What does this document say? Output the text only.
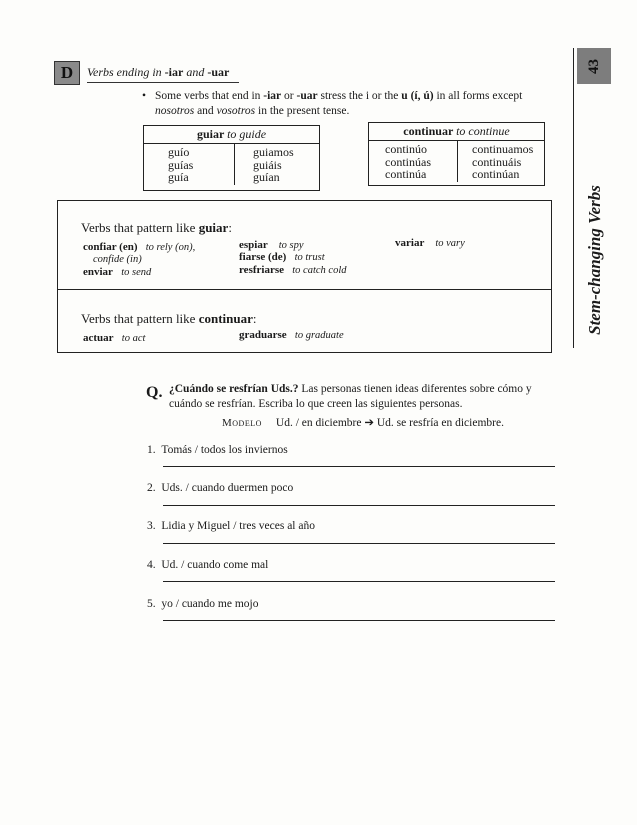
D	Verbs ending in -iar and -uar
• Some verbs that end in -iar or -uar stress the i or the u (í, ú) in all forms except nosotros and vosotros in the present tense.
guiar to guide
guío
guías
guía
guiamos
guiáis
guían
continuar to continue
continúo
continúas
continúa
continuamos
continuáis
continúan
Verbs that pattern like guiar:
confiar (en) to rely (on),
confide (in)
enviar to send
espiar to spy
fiarse (de) to trust
resfriarse to catch cold
variar to vary
Verbs that pattern like continuar:
actuar to act	graduarse to graduate
43
Stem-changing Verbs
Q. ¿Cuándo se resfrían Uds.? Las personas tienen ideas diferentes sobre cómo y cuándo se resfrían. Escriba lo que creen las siguientes personas.
Modelo Ud. / en diciembre ➔ Ud. se resfría en diciembre.
1. Tomás / todos los inviernos
2. Uds. / cuando duermen poco
3. Lidia y Miguel / tres veces al año
4. Ud. / cuando come mal
5. yo / cuando me mojo
